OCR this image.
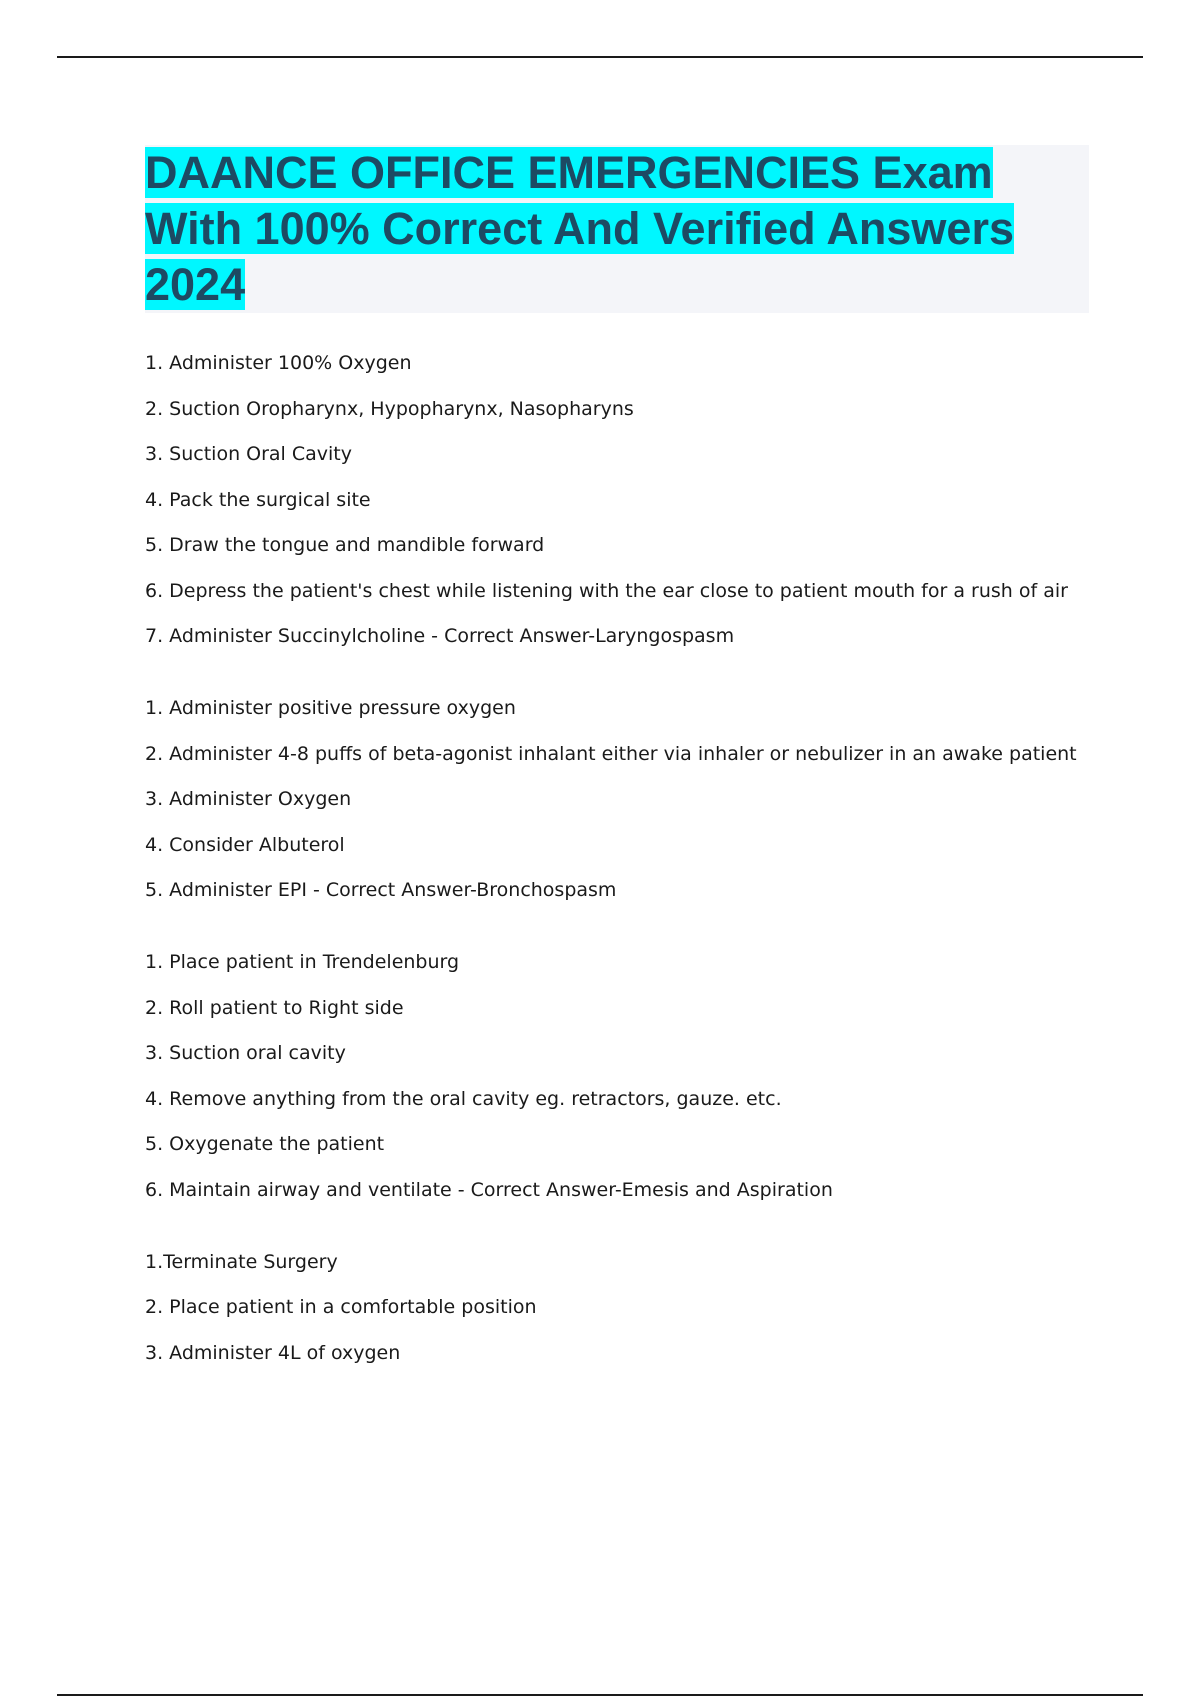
DAANCE OFFICE EMERGENCIES Exam
With 100% Correct And Verified Answers
2024
1. Administer 100% Oxygen
2. Suction Oropharynx, Hypopharynx, Nasopharyns
3. Suction Oral Cavity
4. Pack the surgical site
5. Draw the tongue and mandible forward
6. Depress the patient's chest while listening with the ear close to patient mouth for a rush of air
7. Administer Succinylcholine - Correct Answer-Laryngospasm
1. Administer positive pressure oxygen
2. Administer 4-8 puffs of beta-agonist inhalant either via inhaler or nebulizer in an awake patient
3. Administer Oxygen
4. Consider Albuterol
5. Administer EPI - Correct Answer-Bronchospasm
1. Place patient in Trendelenburg
2. Roll patient to Right side
3. Suction oral cavity
4. Remove anything from the oral cavity eg. retractors, gauze. etc.
5. Oxygenate the patient
6. Maintain airway and ventilate - Correct Answer-Emesis and Aspiration
1.Terminate Surgery
2. Place patient in a comfortable position
3. Administer 4L of oxygen
